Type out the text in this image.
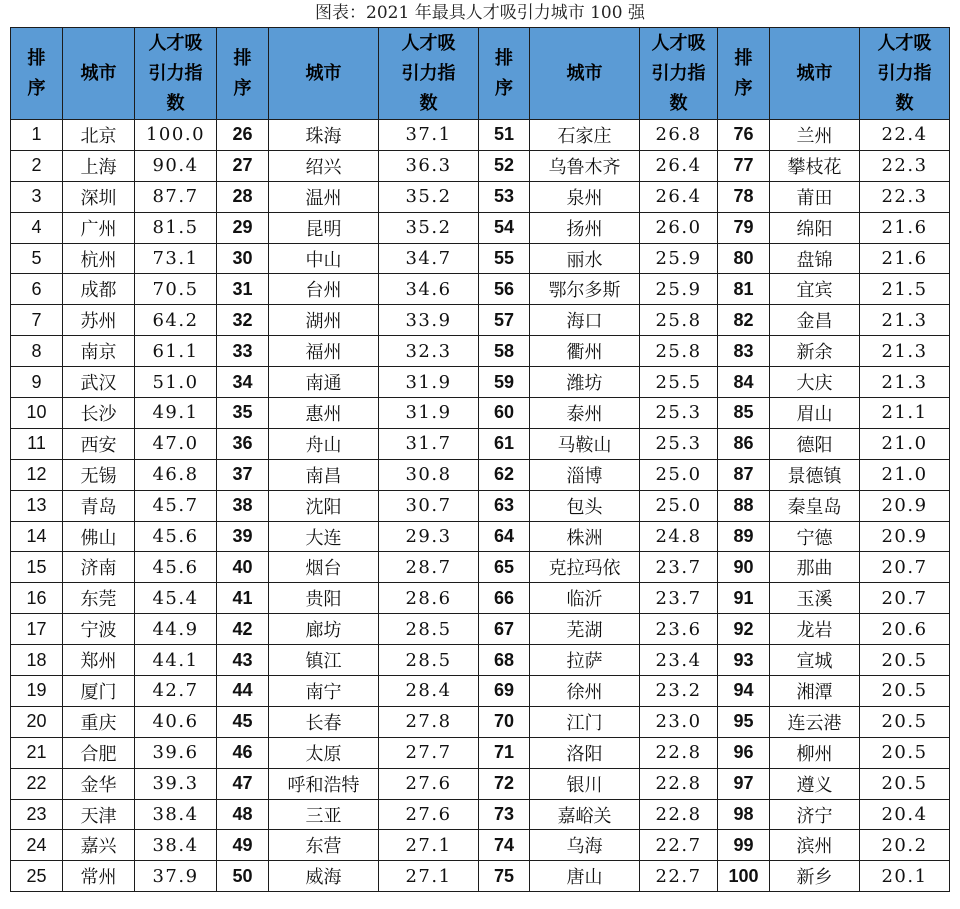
图表：2021 年最具人才吸引力城市 100 强
排序	城市	人才吸引力指数	排序	城市	人才吸引力指数	排序	城市	人才吸引力指数	排序	城市	人才吸引力指数
1	北京	100.0	26	珠海	37.1	51	石家庄	26.8	76	兰州	22.4
2	上海	90.4	27	绍兴	36.3	52	乌鲁木齐	26.4	77	攀枝花	22.3
3	深圳	87.7	28	温州	35.2	53	泉州	26.4	78	莆田	22.3
4	广州	81.5	29	昆明	35.2	54	扬州	26.0	79	绵阳	21.6
5	杭州	73.1	30	中山	34.7	55	丽水	25.9	80	盘锦	21.6
6	成都	70.5	31	台州	34.6	56	鄂尔多斯	25.9	81	宜宾	21.5
7	苏州	64.2	32	湖州	33.9	57	海口	25.8	82	金昌	21.3
8	南京	61.1	33	福州	32.3	58	衢州	25.8	83	新余	21.3
9	武汉	51.0	34	南通	31.9	59	潍坊	25.5	84	大庆	21.3
10	长沙	49.1	35	惠州	31.9	60	泰州	25.3	85	眉山	21.1
11	西安	47.0	36	舟山	31.7	61	马鞍山	25.3	86	德阳	21.0
12	无锡	46.8	37	南昌	30.8	62	淄博	25.0	87	景德镇	21.0
13	青岛	45.7	38	沈阳	30.7	63	包头	25.0	88	秦皇岛	20.9
14	佛山	45.6	39	大连	29.3	64	株洲	24.8	89	宁德	20.9
15	济南	45.6	40	烟台	28.7	65	克拉玛依	23.7	90	那曲	20.7
16	东莞	45.4	41	贵阳	28.6	66	临沂	23.7	91	玉溪	20.7
17	宁波	44.9	42	廊坊	28.5	67	芜湖	23.6	92	龙岩	20.6
18	郑州	44.1	43	镇江	28.5	68	拉萨	23.4	93	宣城	20.5
19	厦门	42.7	44	南宁	28.4	69	徐州	23.2	94	湘潭	20.5
20	重庆	40.6	45	长春	27.8	70	江门	23.0	95	连云港	20.5
21	合肥	39.6	46	太原	27.7	71	洛阳	22.8	96	柳州	20.5
22	金华	39.3	47	呼和浩特	27.6	72	银川	22.8	97	遵义	20.5
23	天津	38.4	48	三亚	27.6	73	嘉峪关	22.8	98	济宁	20.4
24	嘉兴	38.4	49	东营	27.1	74	乌海	22.7	99	滨州	20.2
25	常州	37.9	50	威海	27.1	75	唐山	22.7	100	新乡	20.1
